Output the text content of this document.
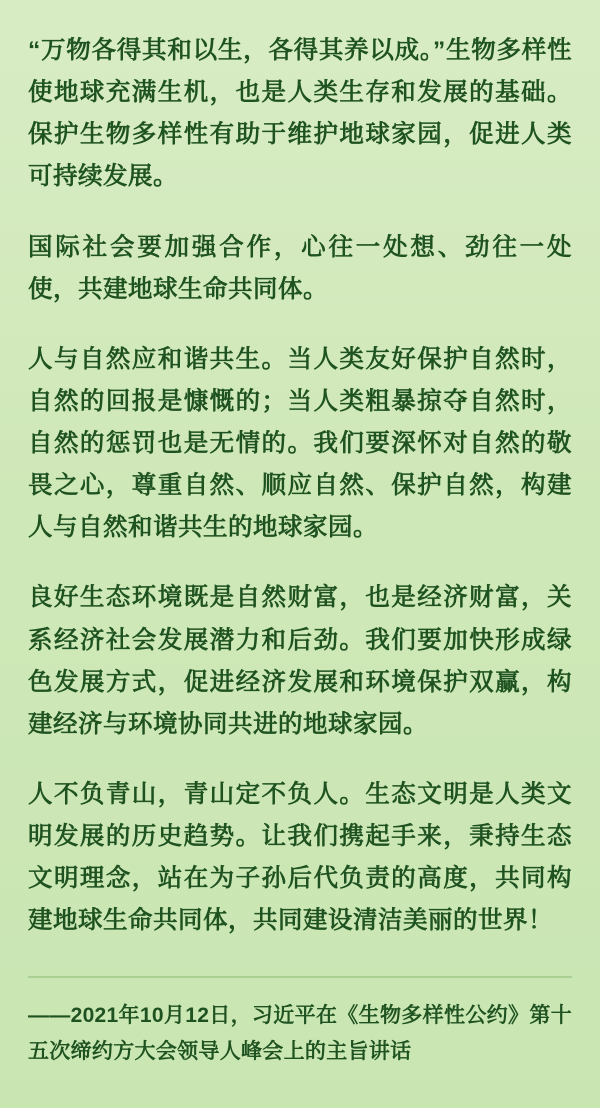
“万物各得其和以生，各得其养以成。”生物多样性使地球充满生机，也是人类生存和发展的基础。保护生物多样性有助于维护地球家园，促进人类可持续发展。

国际社会要加强合作，心往一处想、劲往一处使，共建地球生命共同体。

人与自然应和谐共生。当人类友好保护自然时，自然的回报是慷慨的；当人类粗暴掠夺自然时，自然的惩罚也是无情的。我们要深怀对自然的敬畏之心，尊重自然、顺应自然、保护自然，构建人与自然和谐共生的地球家园。

良好生态环境既是自然财富，也是经济财富，关系经济社会发展潜力和后劲。我们要加快形成绿色发展方式，促进经济发展和环境保护双赢，构建经济与环境协同共进的地球家园。

人不负青山，青山定不负人。生态文明是人类文明发展的历史趋势。让我们携起手来，秉持生态文明理念，站在为子孙后代负责的高度，共同构建地球生命共同体，共同建设清洁美丽的世界！

——2021年10月12日，习近平在《生物多样性公约》第十五次缔约方大会领导人峰会上的主旨讲话
